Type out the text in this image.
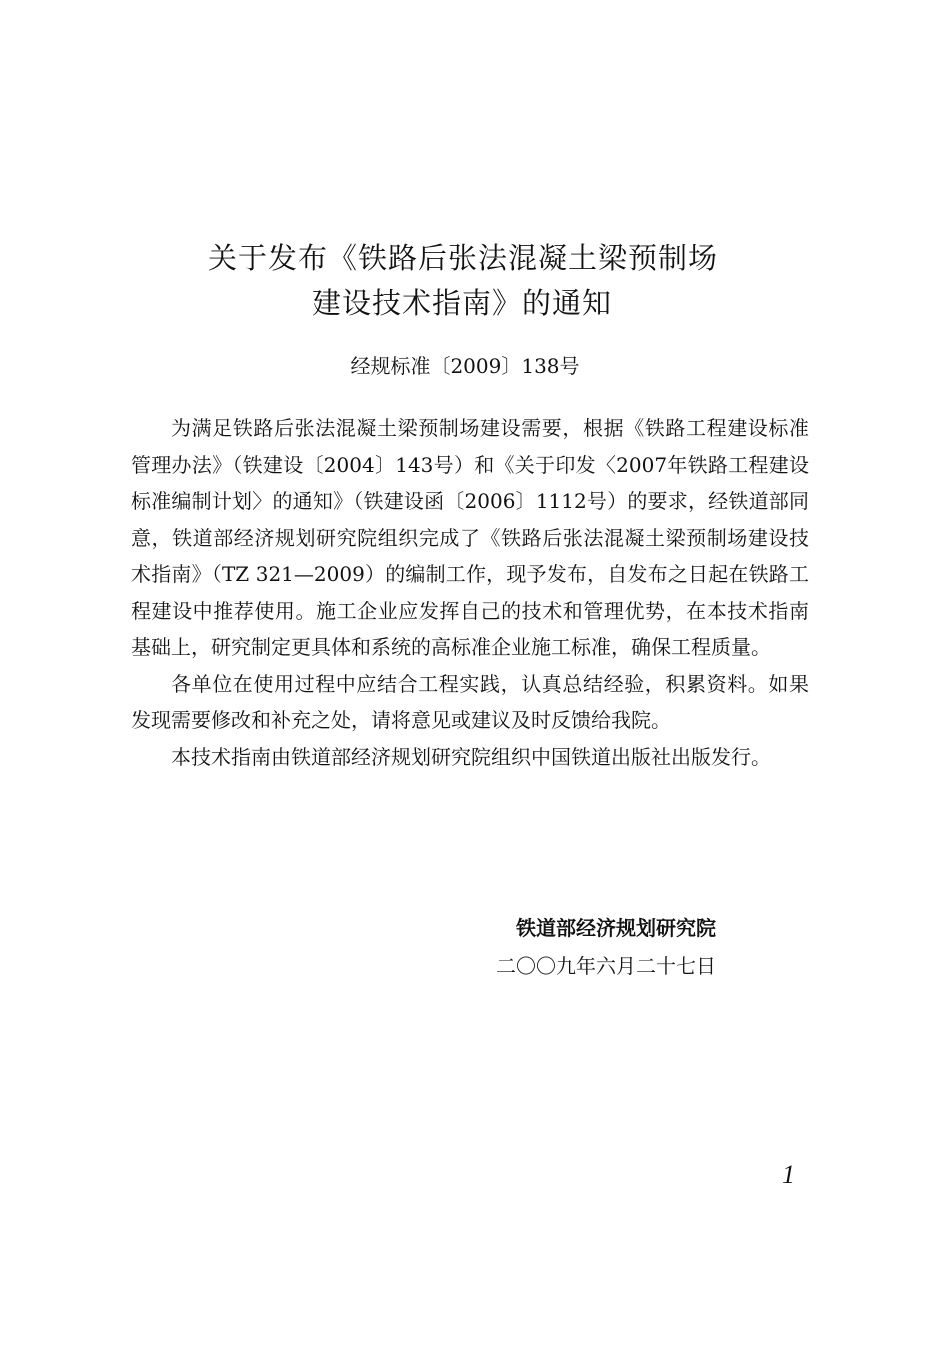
关于发布《铁路后张法混凝土梁预制场
建设技术指南》的通知
经规标准〔2009〕138号

为满足铁路后张法混凝土梁预制场建设需要，根据《铁路工程建设标准管理办法》（铁建设〔2004〕143号）和《关于印发〈2007年铁路工程建设标准编制计划〉的通知》（铁建设函〔2006〕1112号）的要求，经铁道部同意，铁道部经济规划研究院组织完成了《铁路后张法混凝土梁预制场建设技术指南》（TZ 321—2009）的编制工作，现予发布，自发布之日起在铁路工程建设中推荐使用。施工企业应发挥自己的技术和管理优势，在本技术指南基础上，研究制定更具体和系统的高标准企业施工标准，确保工程质量。

各单位在使用过程中应结合工程实践，认真总结经验，积累资料。如果发现需要修改和补充之处，请将意见或建议及时反馈给我院。

本技术指南由铁道部经济规划研究院组织中国铁道出版社出版发行。

铁道部经济规划研究院
二〇〇九年六月二十七日
1
